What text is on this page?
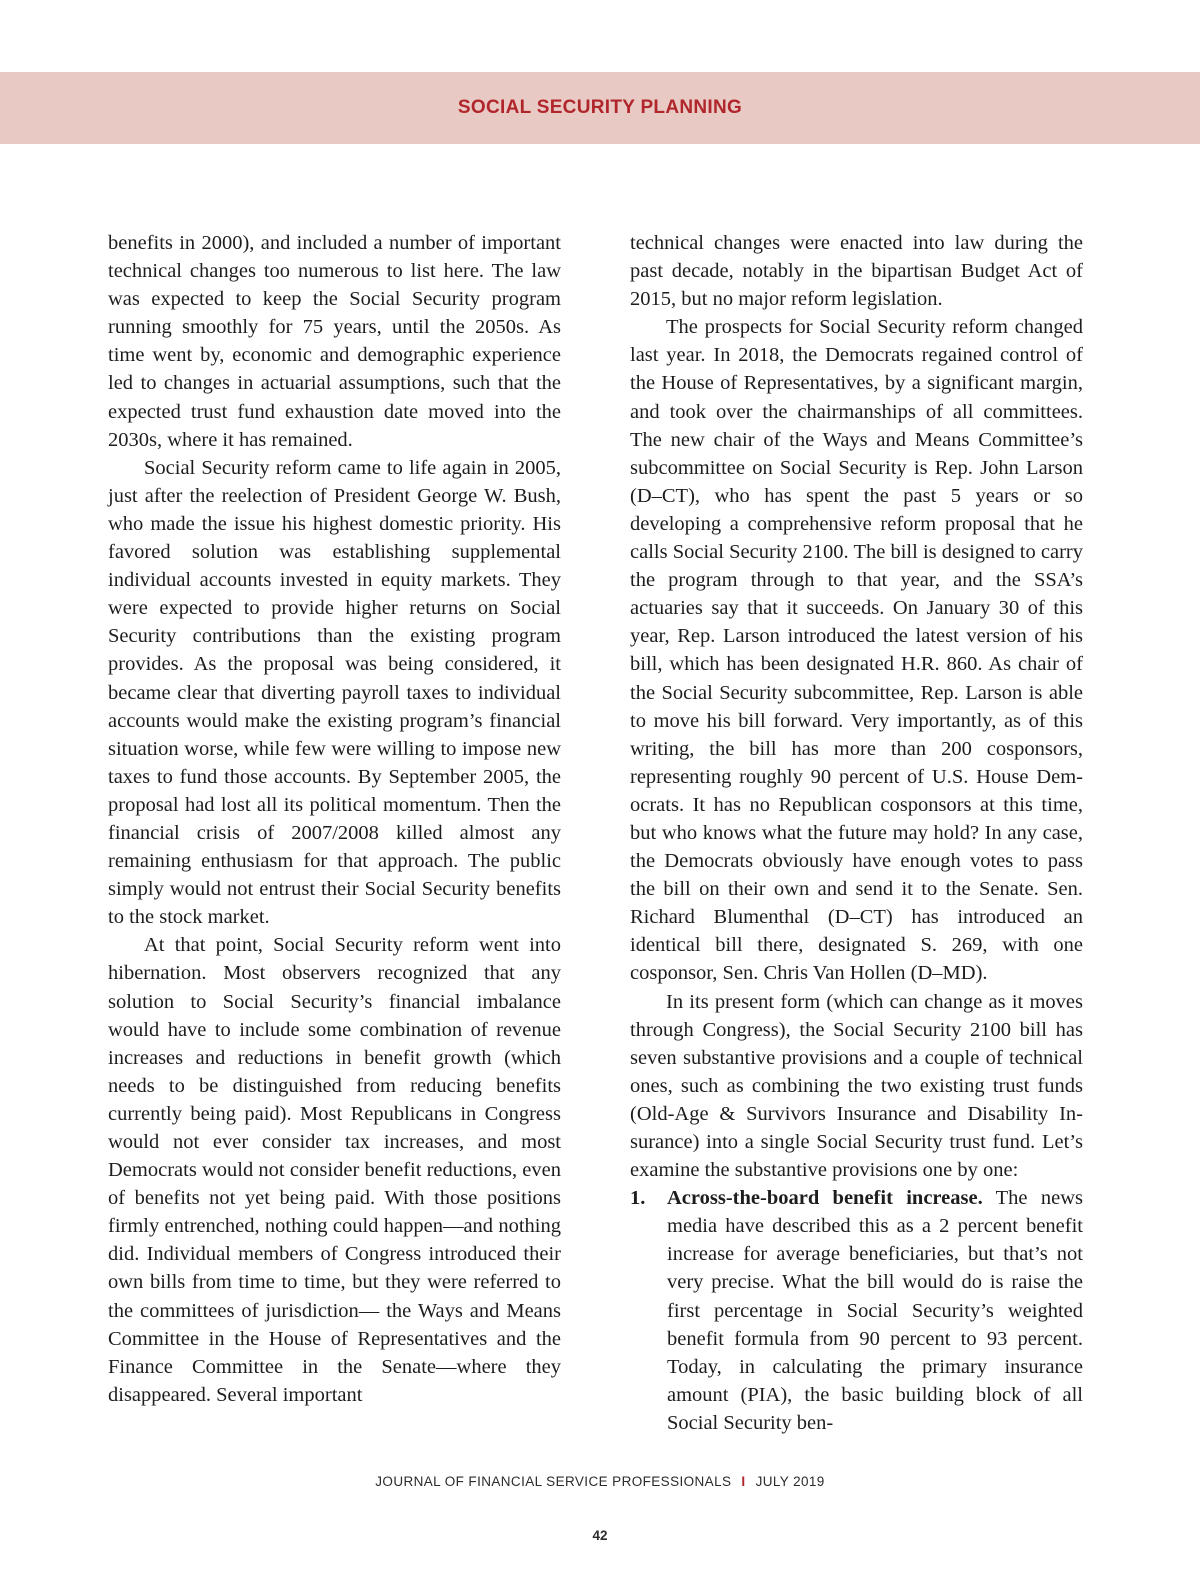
SOCIAL SECURITY PLANNING

benefits in 2000), and included a number of important technical changes too numerous to list here. The law was expected to keep the Social Security program running smoothly for 75 years, until the 2050s. As time went by, economic and demographic experience led to changes in actuarial assumptions, such that the expected trust fund exhaustion date moved into the 2030s, where it has remained.

Social Security reform came to life again in 2005, just after the reelection of President George W. Bush, who made the issue his highest domestic priority. His favored solution was establishing supplemental individual accounts invested in equity markets. They were expected to provide higher returns on Social Security contributions than the existing program provides. As the proposal was being considered, it became clear that diverting payroll taxes to individual accounts would make the existing program’s financial situation worse, while few were willing to impose new taxes to fund those accounts. By September 2005, the proposal had lost all its political momentum. Then the financial crisis of 2007/2008 killed almost any remaining enthusiasm for that approach. The public simply would not entrust their Social Security benefits to the stock market.

At that point, Social Security reform went into hibernation. Most observers recognized that any solution to Social Security’s financial imbalance would have to include some combination of revenue increases and reductions in benefit growth (which needs to be distinguished from reducing benefits currently being paid). Most Republicans in Congress would not ever consider tax increases, and most Democrats would not consider benefit reductions, even of benefits not yet being paid. With those positions firmly entrenched, nothing could happen—and nothing did. Individual members of Congress introduced their own bills from time to time, but they were referred to the committees of jurisdiction— the Ways and Means Committee in the House of Representatives and the Finance Committee in the Senate—where they disappeared. Several important

technical changes were enacted into law during the past decade, notably in the bipartisan Budget Act of 2015, but no major reform legislation.

The prospects for Social Security reform changed last year. In 2018, the Democrats regained control of the House of Representatives, by a significant margin, and took over the chairmanships of all committees. The new chair of the Ways and Means Committee’s subcommittee on Social Security is Rep. John Larson (D–CT), who has spent the past 5 years or so developing a comprehensive reform proposal that he calls Social Security 2100. The bill is designed to carry the program through to that year, and the SSA’s actuaries say that it succeeds. On January 30 of this year, Rep. Larson introduced the latest version of his bill, which has been designated H.R. 860. As chair of the Social Security subcommittee, Rep. Larson is able to move his bill forward. Very importantly, as of this writing, the bill has more than 200 cosponsors, representing roughly 90 percent of U.S. House Democrats. It has no Republican cosponsors at this time, but who knows what the future may hold? In any case, the Democrats obviously have enough votes to pass the bill on their own and send it to the Senate. Sen. Richard Blumenthal (D–CT) has introduced an identical bill there, designated S. 269, with one cosponsor, Sen. Chris Van Hollen (D–MD).

In its present form (which can change as it moves through Congress), the Social Security 2100 bill has seven substantive provisions and a couple of technical ones, such as combining the two existing trust funds (Old-Age & Survivors Insurance and Disability Insurance) into a single Social Security trust fund. Let’s examine the substantive provisions one by one:

1. Across-the-board benefit increase. The news media have described this as a 2 percent benefit increase for average beneficiaries, but that’s not very precise. What the bill would do is raise the first percentage in Social Security’s weighted benefit formula from 90 percent to 93 percent. Today, in calculating the primary insurance amount (PIA), the basic building block of all Social Security ben-
JOURNAL OF FINANCIAL SERVICE PROFESSIONALS I JULY 2019
42
